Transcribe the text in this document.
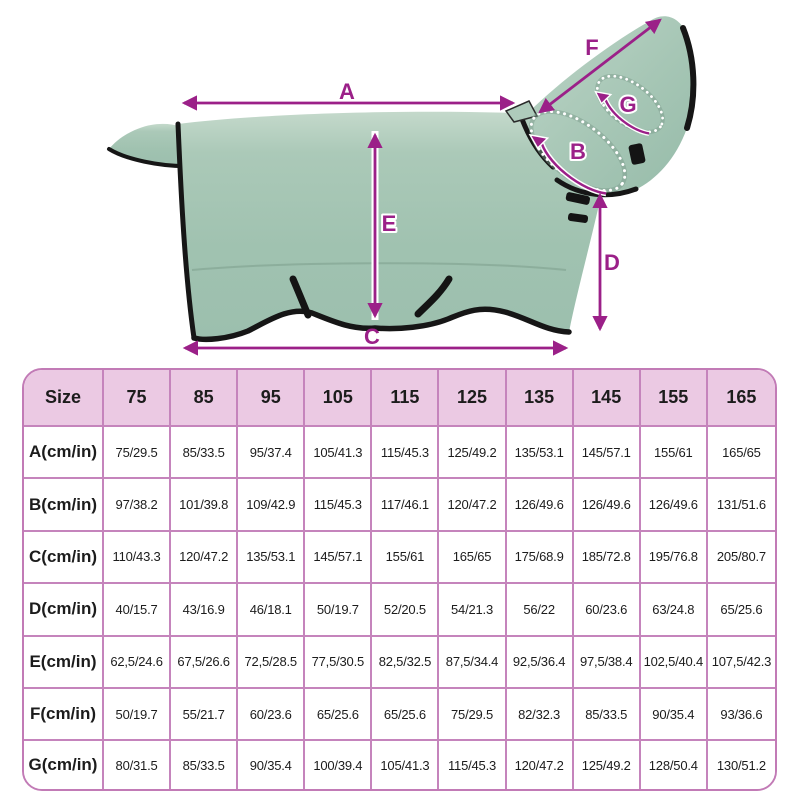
A
F
G
B
E
D
C
Size	75	85	95	105	115	125	135	145	155	165
A(cm/in)	75/29.5	85/33.5	95/37.4	105/41.3	115/45.3	125/49.2	135/53.1	145/57.1	155/61	165/65
B(cm/in)	97/38.2	101/39.8	109/42.9	115/45.3	117/46.1	120/47.2	126/49.6	126/49.6	126/49.6	131/51.6
C(cm/in)	110/43.3	120/47.2	135/53.1	145/57.1	155/61	165/65	175/68.9	185/72.8	195/76.8	205/80.7
D(cm/in)	40/15.7	43/16.9	46/18.1	50/19.7	52/20.5	54/21.3	56/22	60/23.6	63/24.8	65/25.6
E(cm/in)	62,5/24.6	67,5/26.6	72,5/28.5	77,5/30.5	82,5/32.5	87,5/34.4	92,5/36.4	97,5/38.4	102,5/40.4	107,5/42.3
F(cm/in)	50/19.7	55/21.7	60/23.6	65/25.6	65/25.6	75/29.5	82/32.3	85/33.5	90/35.4	93/36.6
G(cm/in)	80/31.5	85/33.5	90/35.4	100/39.4	105/41.3	115/45.3	120/47.2	125/49.2	128/50.4	130/51.2
